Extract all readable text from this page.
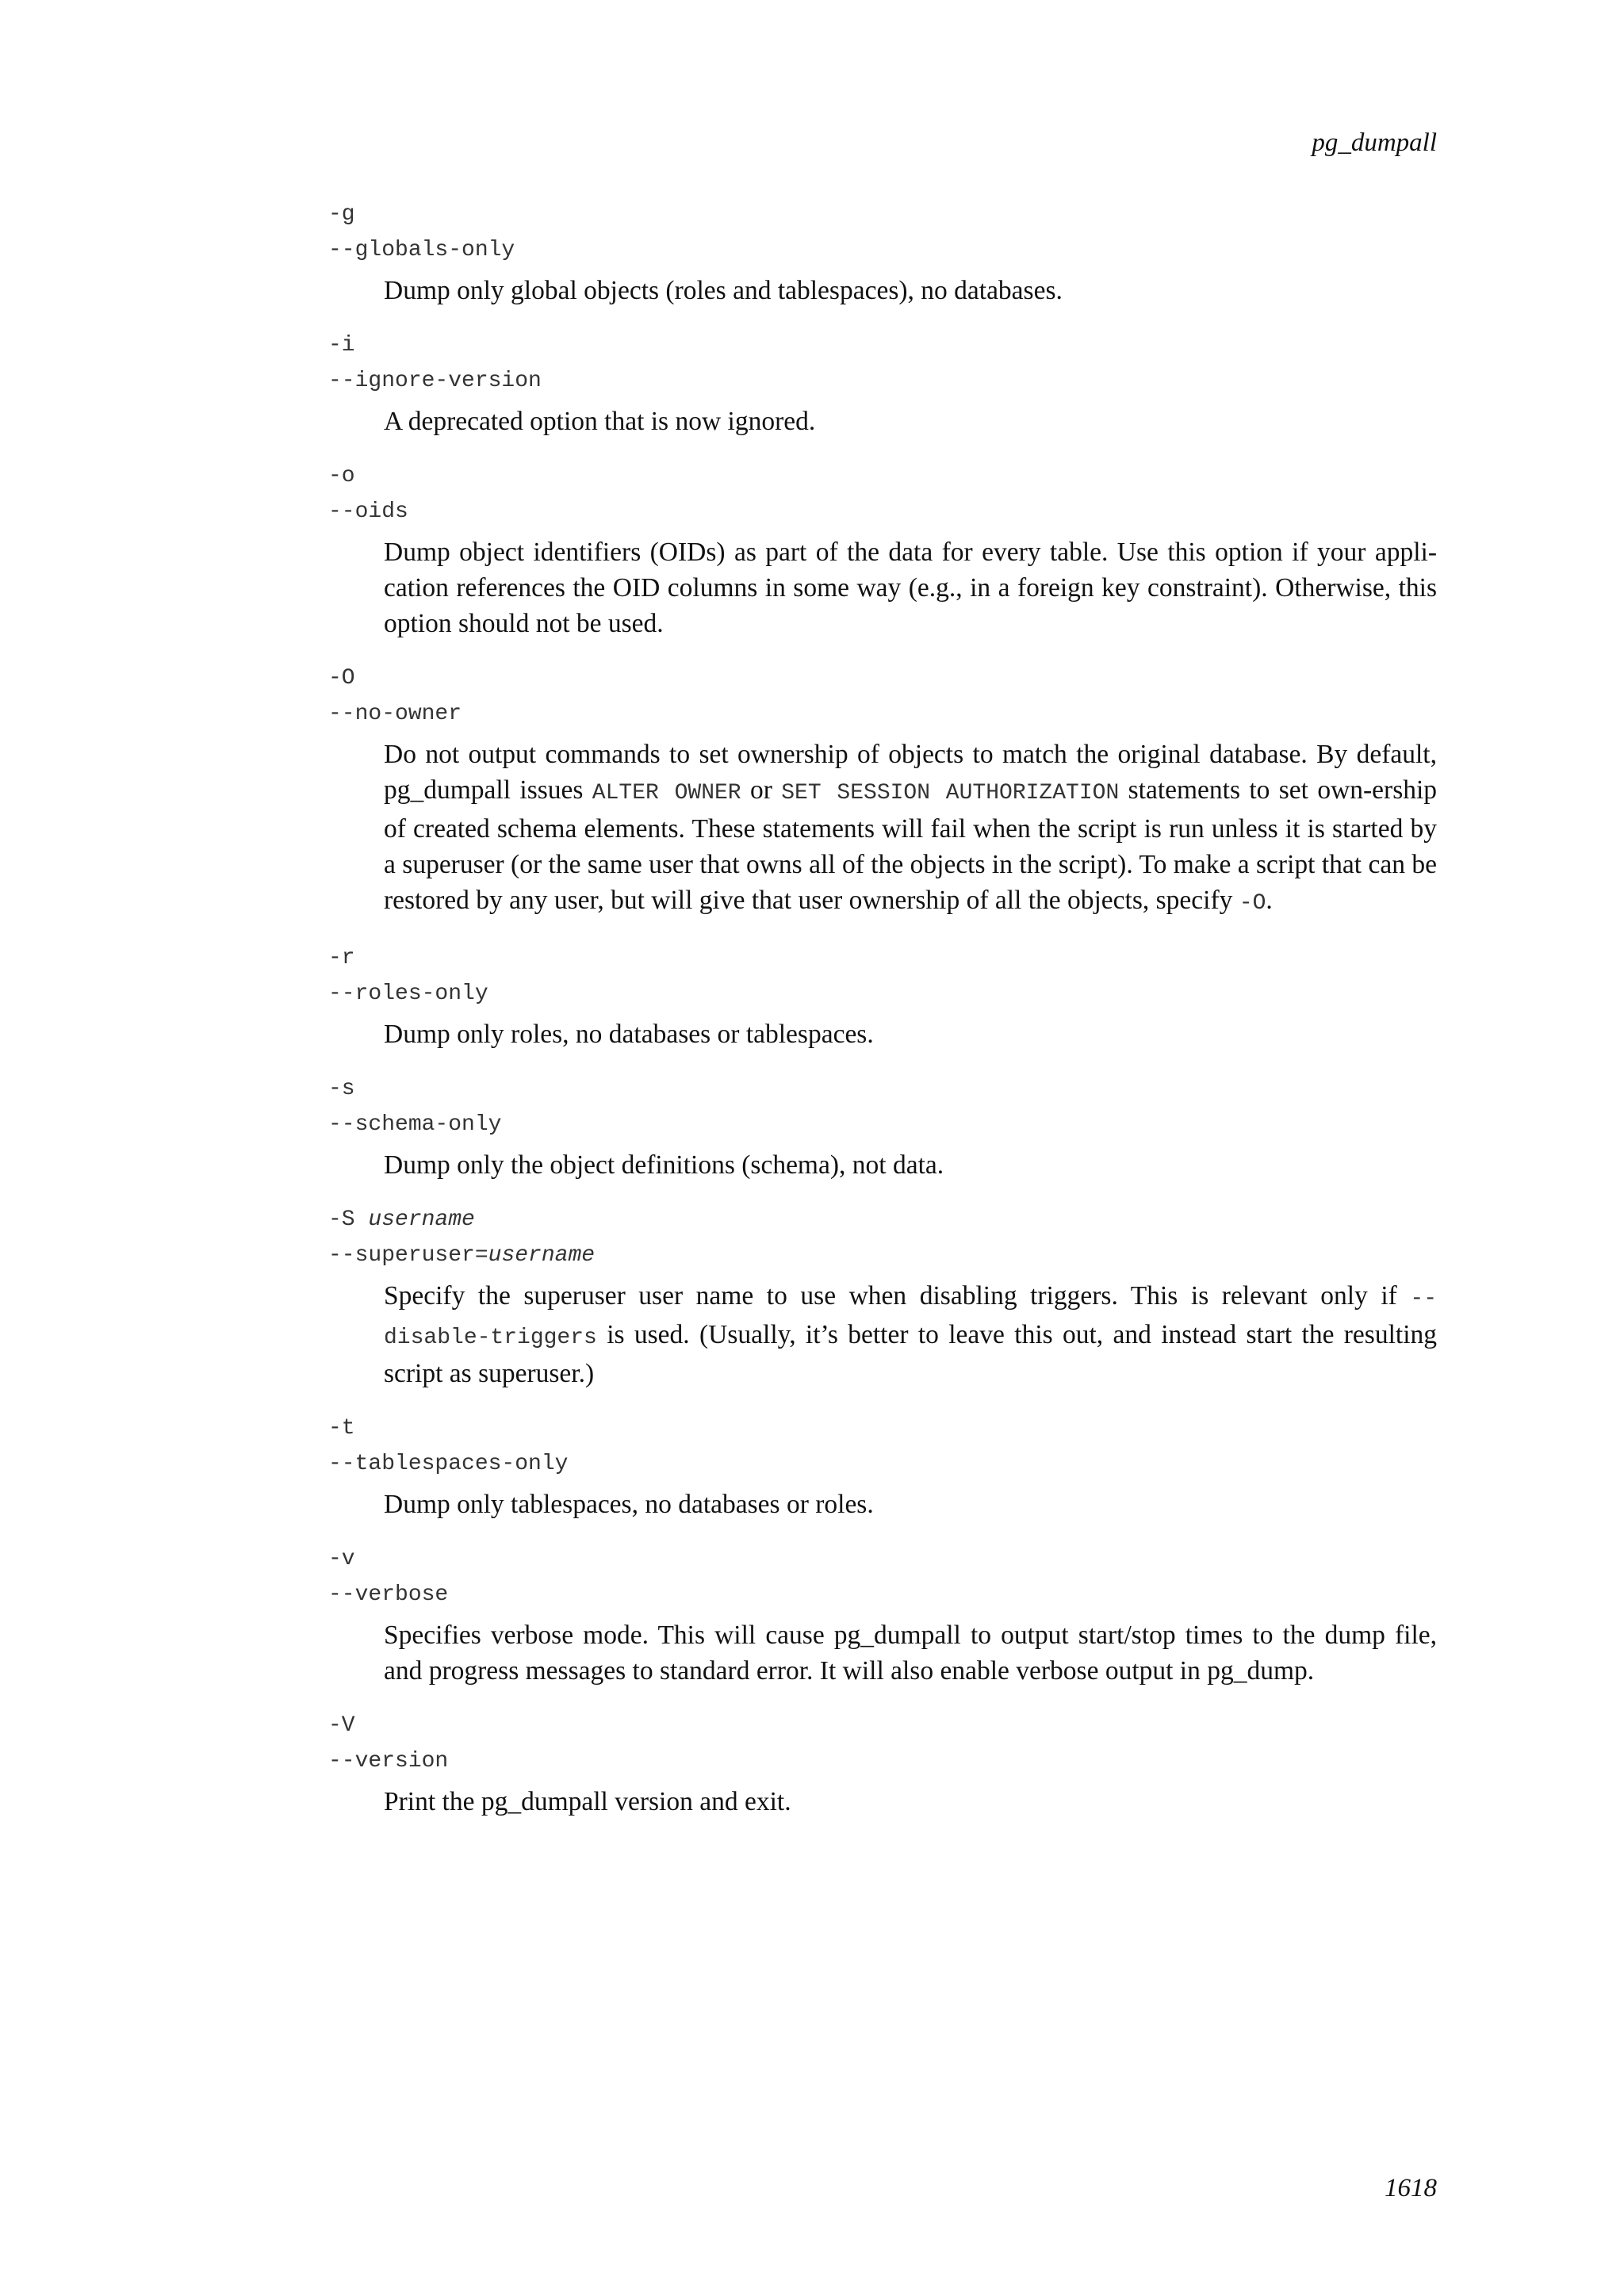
pg_dumpall
-g
--globals-only
Dump only global objects (roles and tablespaces), no databases.
-i
--ignore-version
A deprecated option that is now ignored.
-o
--oids
Dump object identifiers (OIDs) as part of the data for every table. Use this option if your appli-cation references the OID columns in some way (e.g., in a foreign key constraint). Otherwise, this option should not be used.
-O
--no-owner
Do not output commands to set ownership of objects to match the original database. By default, pg_dumpall issues ALTER OWNER or SET SESSION AUTHORIZATION statements to set own-ership of created schema elements. These statements will fail when the script is run unless it is started by a superuser (or the same user that owns all of the objects in the script). To make a script that can be restored by any user, but will give that user ownership of all the objects, specify -O.
-r
--roles-only
Dump only roles, no databases or tablespaces.
-s
--schema-only
Dump only the object definitions (schema), not data.
-S username
--superuser=username
Specify the superuser user name to use when disabling triggers. This is relevant only if --disable-triggers is used. (Usually, it’s better to leave this out, and instead start the resulting script as superuser.)
-t
--tablespaces-only
Dump only tablespaces, no databases or roles.
-v
--verbose
Specifies verbose mode. This will cause pg_dumpall to output start/stop times to the dump file, and progress messages to standard error. It will also enable verbose output in pg_dump.
-V
--version
Print the pg_dumpall version and exit.
1618
